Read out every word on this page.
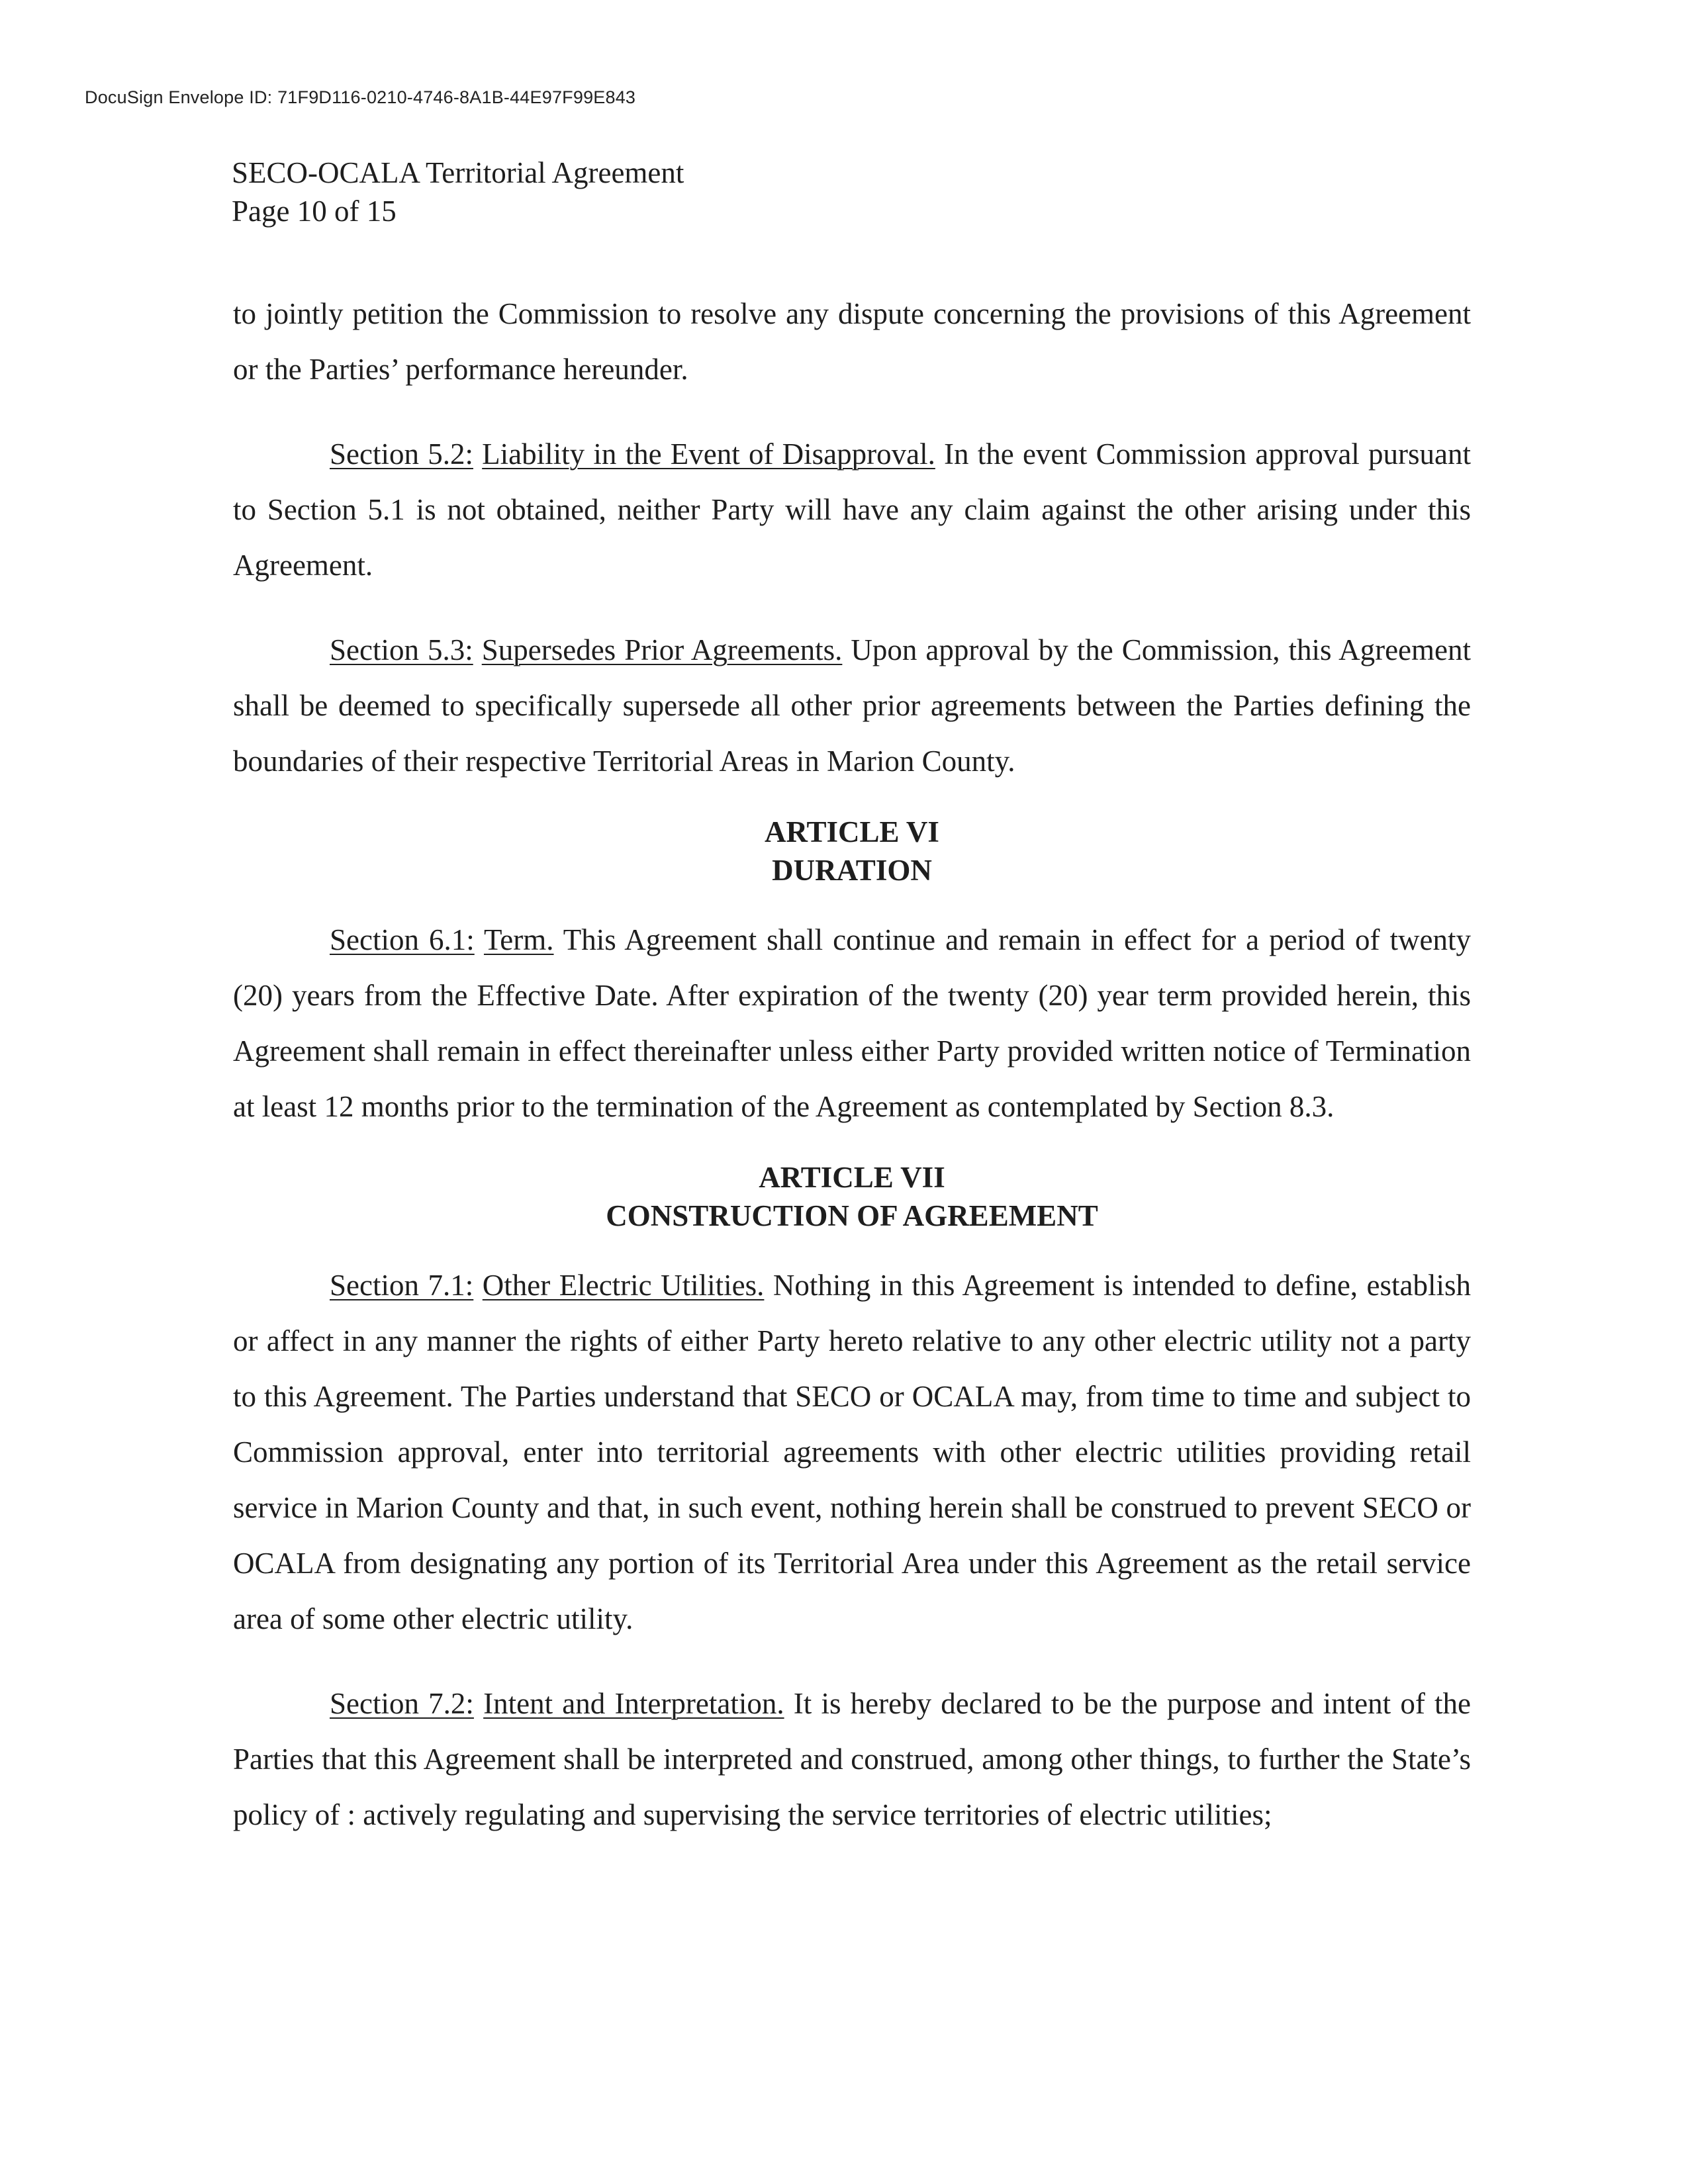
DocuSign Envelope ID: 71F9D116-0210-4746-8A1B-44E97F99E843
SECO-OCALA Territorial Agreement
Page 10 of 15

to jointly petition the Commission to resolve any dispute concerning the provisions of this Agreement or the Parties’ performance hereunder.

Section 5.2: Liability in the Event of Disapproval. In the event Commission approval pursuant to Section 5.1 is not obtained, neither Party will have any claim against the other arising under this Agreement.

Section 5.3: Supersedes Prior Agreements. Upon approval by the Commission, this Agreement shall be deemed to specifically supersede all other prior agreements between the Parties defining the boundaries of their respective Territorial Areas in Marion County.

ARTICLE VI
DURATION

Section 6.1: Term. This Agreement shall continue and remain in effect for a period of twenty (20) years from the Effective Date. After expiration of the twenty (20) year term provided herein, this Agreement shall remain in effect thereinafter unless either Party provided written notice of Termination at least 12 months prior to the termination of the Agreement as contemplated by Section 8.3.

ARTICLE VII
CONSTRUCTION OF AGREEMENT

Section 7.1: Other Electric Utilities. Nothing in this Agreement is intended to define, establish or affect in any manner the rights of either Party hereto relative to any other electric utility not a party to this Agreement. The Parties understand that SECO or OCALA may, from time to time and subject to Commission approval, enter into territorial agreements with other electric utilities providing retail service in Marion County and that, in such event, nothing herein shall be construed to prevent SECO or OCALA from designating any portion of its Territorial Area under this Agreement as the retail service area of some other electric utility.

Section 7.2: Intent and Interpretation. It is hereby declared to be the purpose and intent of the Parties that this Agreement shall be interpreted and construed, among other things, to further the State’s policy of : actively regulating and supervising the service territories of electric utilities;
